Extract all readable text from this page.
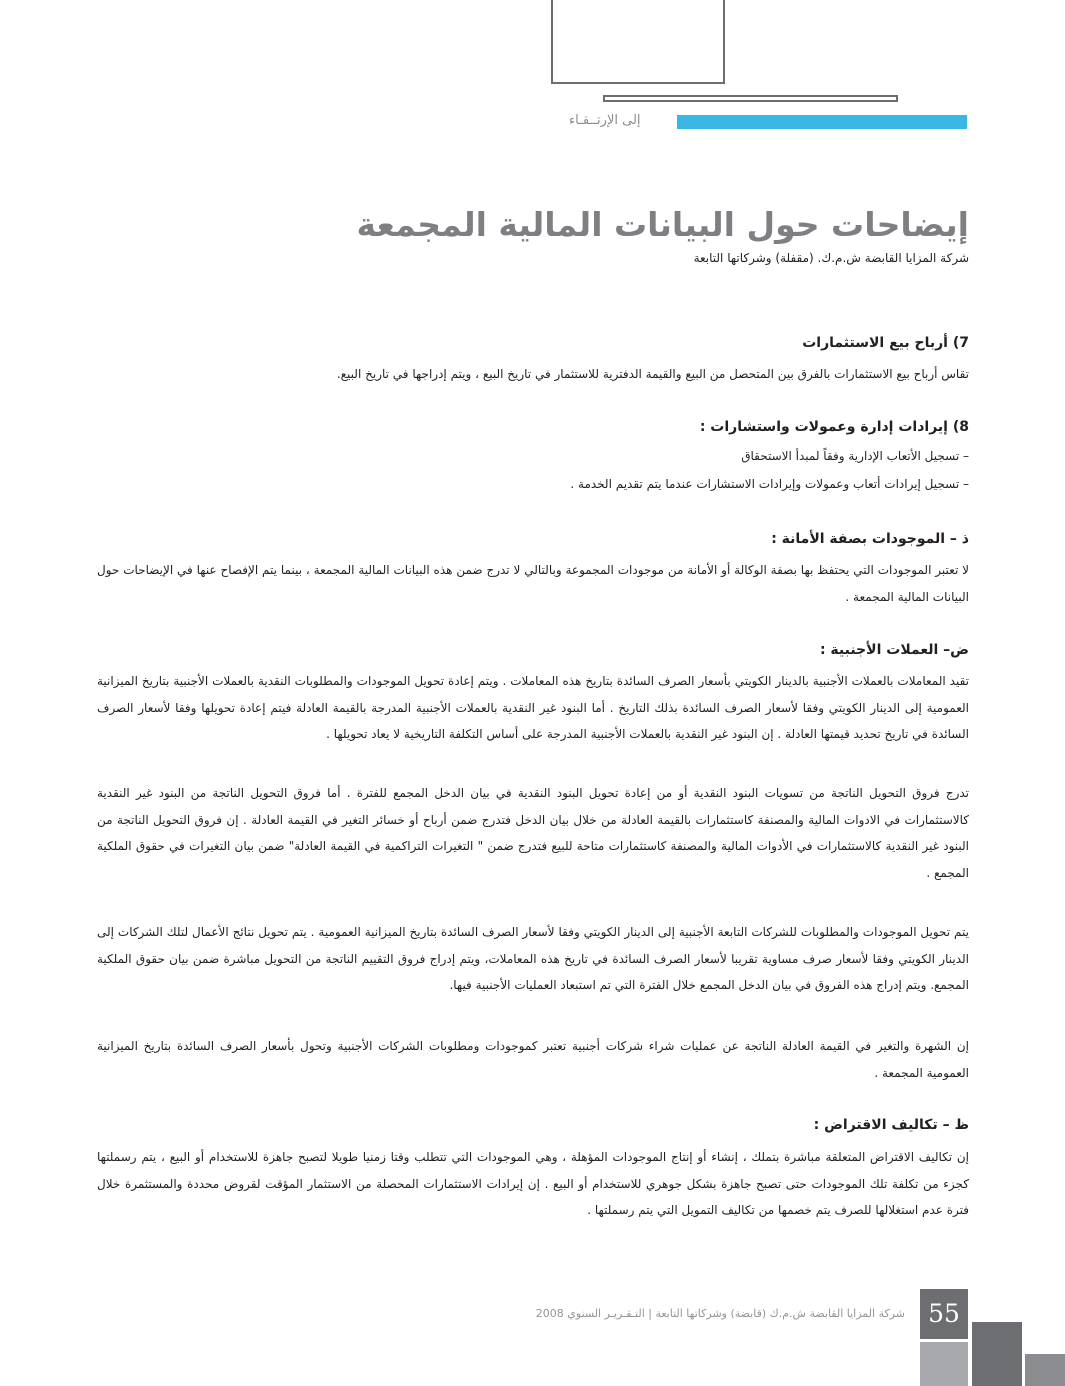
نسعى إلى الإرتــقـاء
إيضاحات حول البيانات المالية المجمعة
شركة المزايا القابضة ش.م.ك. (مقفلة) وشركاتها التابعة
7) أرباح بيع الاستثمارات
تقاس أرباح بيع الاستثمارات بالفرق بين المتحصل من البيع والقيمة الدفترية للاستثمار في تاريخ البيع ، ويتم إدراجها في تاريخ البيع.
8) إيرادات إدارة وعمولات واستشارات :
– تسجيل الأتعاب الإدارية وفقاً لمبدأ الاستحقاق
– تسجيل إيرادات أتعاب وعمولات وإيرادات الاستشارات عندما يتم تقديم الخدمة .
ذ – الموجودات بصفة الأمانة :
لا تعتبر الموجودات التي يحتفظ بها بصفة الوكالة أو الأمانة من موجودات المجموعة وبالتالي لا تدرج ضمن هذه البيانات المالية المجمعة ، بينما يتم الإفصاح عنها في الإيضاحات حول البيانات المالية المجمعة .
ض– العملات الأجنبية :
تقيد المعاملات بالعملات الأجنبية بالدينار الكويتي بأسعار الصرف السائدة بتاريخ هذه المعاملات . ويتم إعادة تحويل الموجودات والمطلوبات النقدية بالعملات الأجنبية بتاريخ الميزانية العمومية إلى الدينار الكويتي وفقا لأسعار الصرف السائدة بذلك التاريخ . أما البنود غير النقدية بالعملات الأجنبية المدرجة بالقيمة العادلة فيتم إعادة تحويلها وفقا لأسعار الصرف السائدة في تاريخ تحديد قيمتها العادلة . إن البنود غير النقدية بالعملات الأجنبية المدرجة على أساس التكلفة التاريخية لا يعاد تحويلها .
تدرج فروق التحويل الناتجة من تسويات البنود النقدية أو من إعادة تحويل البنود النقدية في بيان الدخل المجمع للفترة . أما فروق التحويل الناتجة من البنود غير النقدية كالاستثمارات في الادوات المالية والمصنفة كاستثمارات بالقيمة العادلة من خلال بيان الدخل فتدرج ضمن أرباح أو خسائر التغير في القيمة العادلة . إن فروق التحويل الناتجة من البنود غير النقدية كالاستثمارات في الأدوات المالية والمصنفة كاستثمارات متاحة للبيع فتدرج ضمن " التغيرات التراكمية في القيمة العادلة" ضمن بيان التغيرات في حقوق الملكية المجمع .
يتم تحويل الموجودات والمطلوبات للشركات التابعة الأجنبية إلى الدينار الكويتي وفقا لأسعار الصرف السائدة بتاريخ الميزانية العمومية . يتم تحويل نتائج الأعمال لتلك الشركات إلى الدينار الكويتي وفقا لأسعار صرف مساوية تقريبا لأسعار الصرف السائدة في تاريخ هذه المعاملات، ويتم إدراج فروق التقييم الناتجة من التحويل مباشرة ضمن بيان حقوق الملكية المجمع. ويتم إدراج هذه الفروق في بيان الدخل المجمع خلال الفترة التي تم استبعاد العمليات الأجنبية فيها.
إن الشهرة والتغير في القيمة العادلة الناتجة عن عمليات شراء شركات أجنبية تعتبر كموجودات ومطلوبات الشركات الأجنبية وتحول بأسعار الصرف السائدة بتاريخ الميزانية العمومية المجمعة .
ظ – تكاليف الاقتراض :
إن تكاليف الاقتراض المتعلقة مباشرة بتملك ، إنشاء أو إنتاج الموجودات المؤهلة ، وهي الموجودات التي تتطلب وقتا زمنيا طويلا لتصبح جاهزة للاستخدام أو البيع ، يتم رسملتها كجزء من تكلفة تلك الموجودات حتى تصبح جاهزة بشكل جوهري للاستخدام أو البيع . إن إيرادات الاستثمارات المحصلة من الاستثمار المؤقت لقروض محددة والمستثمرة خلال فترة عدم استغلالها للصرف يتم خصمها من تكاليف التمويل التي يتم رسملتها .
شركة المزايا القابضة ش.م.ك (قابضة) وشركاتها التابعة | التـقـريـر السنوي 2008 55
